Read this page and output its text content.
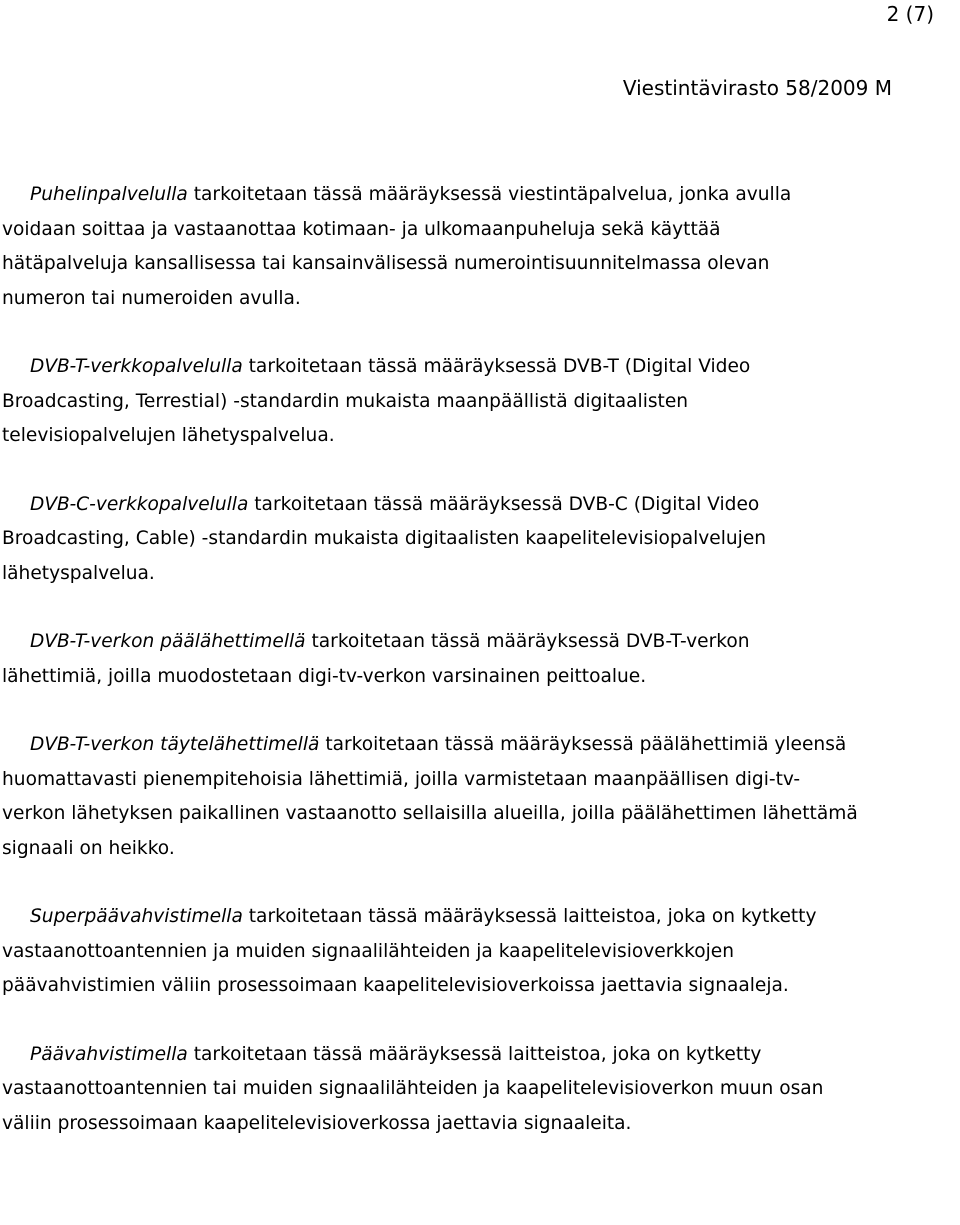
2 (7)
Viestintävirasto 58/2009 M

Puhelinpalvelulla tarkoitetaan tässä määräyksessä viestintäpalvelua, jonka avulla
voidaan soittaa ja vastaanottaa kotimaan- ja ulkomaanpuheluja sekä käyttää
hätäpalveluja kansallisessa tai kansainvälisessä numerointisuunnitelmassa olevan
numeron tai numeroiden avulla.

DVB-T-verkkopalvelulla tarkoitetaan tässä määräyksessä DVB-T (Digital Video
Broadcasting, Terrestial) -standardin mukaista maanpäällistä digitaalisten
televisiopalvelujen lähetyspalvelua.

DVB-C-verkkopalvelulla tarkoitetaan tässä määräyksessä DVB-C (Digital Video
Broadcasting, Cable) -standardin mukaista digitaalisten kaapelitelevisiopalvelujen
lähetyspalvelua.

DVB-T-verkon päälähettimellä tarkoitetaan tässä määräyksessä DVB-T-verkon
lähettimiä, joilla muodostetaan digi-tv-verkon varsinainen peittoalue.

DVB-T-verkon täytelähettimellä tarkoitetaan tässä määräyksessä päälähettimiä yleensä
huomattavasti pienempitehoisia lähettimiä, joilla varmistetaan maanpäällisen digi-tv-
verkon lähetyksen paikallinen vastaanotto sellaisilla alueilla, joilla päälähettimen lähettämä
signaali on heikko.

Superpäävahvistimella tarkoitetaan tässä määräyksessä laitteistoa, joka on kytketty
vastaanottoantennien ja muiden signaalilähteiden ja kaapelitelevisioverkkojen
päävahvistimien väliin prosessoimaan kaapelitelevisioverkoissa jaettavia signaaleja.

Päävahvistimella tarkoitetaan tässä määräyksessä laitteistoa, joka on kytketty
vastaanottoantennien tai muiden signaalilähteiden ja kaapelitelevisioverkon muun osan
väliin prosessoimaan kaapelitelevisioverkossa jaettavia signaaleita.
